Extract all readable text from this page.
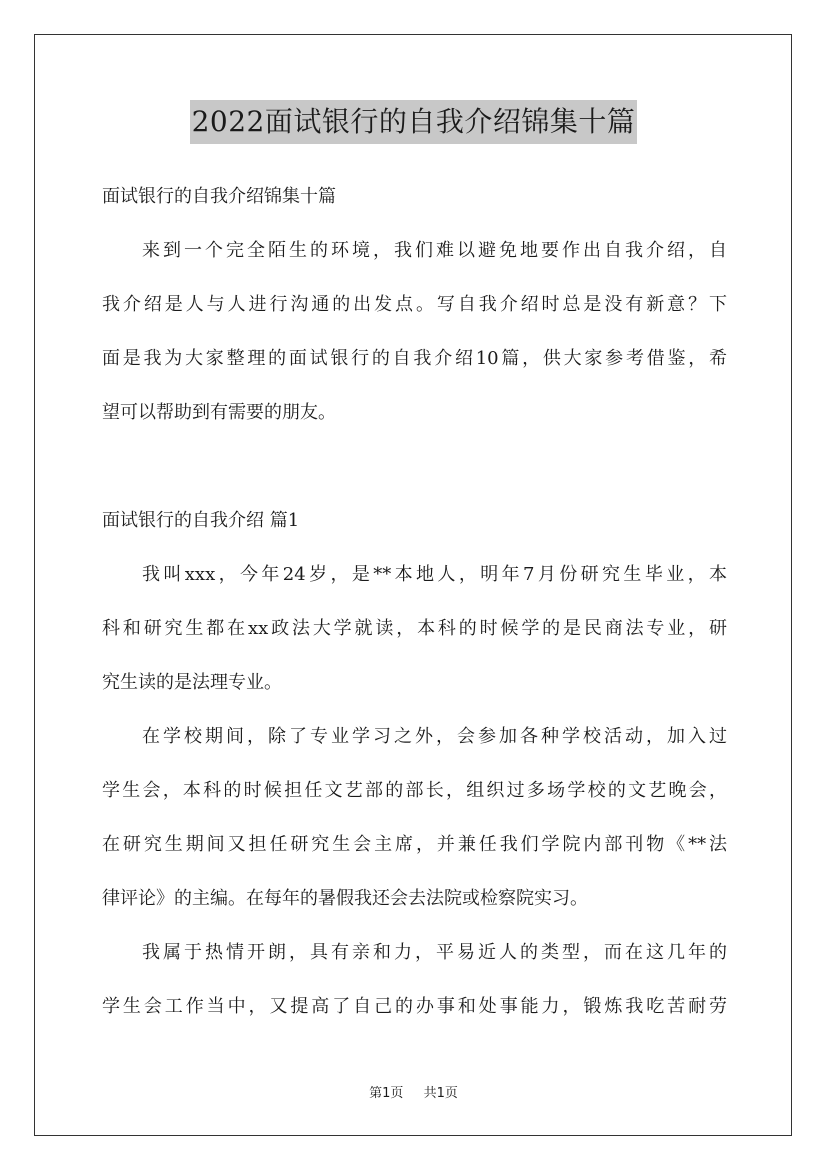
2022面试银行的自我介绍锦集十篇
面试银行的自我介绍锦集十篇
来到一个完全陌生的环境，我们难以避免地要作出自我介绍，自
我介绍是人与人进行沟通的出发点。写自我介绍时总是没有新意？下
面是我为大家整理的面试银行的自我介绍10篇，供大家参考借鉴，希
望可以帮助到有需要的朋友。
面试银行的自我介绍 篇1
我叫xxx，今年24岁，是**本地人，明年7月份研究生毕业，本
科和研究生都在xx政法大学就读，本科的时候学的是民商法专业，研
究生读的是法理专业。
在学校期间，除了专业学习之外，会参加各种学校活动，加入过
学生会，本科的时候担任文艺部的部长，组织过多场学校的文艺晚会，
在研究生期间又担任研究生会主席，并兼任我们学院内部刊物《**法
律评论》的主编。在每年的暑假我还会去法院或检察院实习。
我属于热情开朗，具有亲和力，平易近人的类型，而在这几年的
学生会工作当中，又提高了自己的办事和处事能力，锻炼我吃苦耐劳
第1页 共1页
